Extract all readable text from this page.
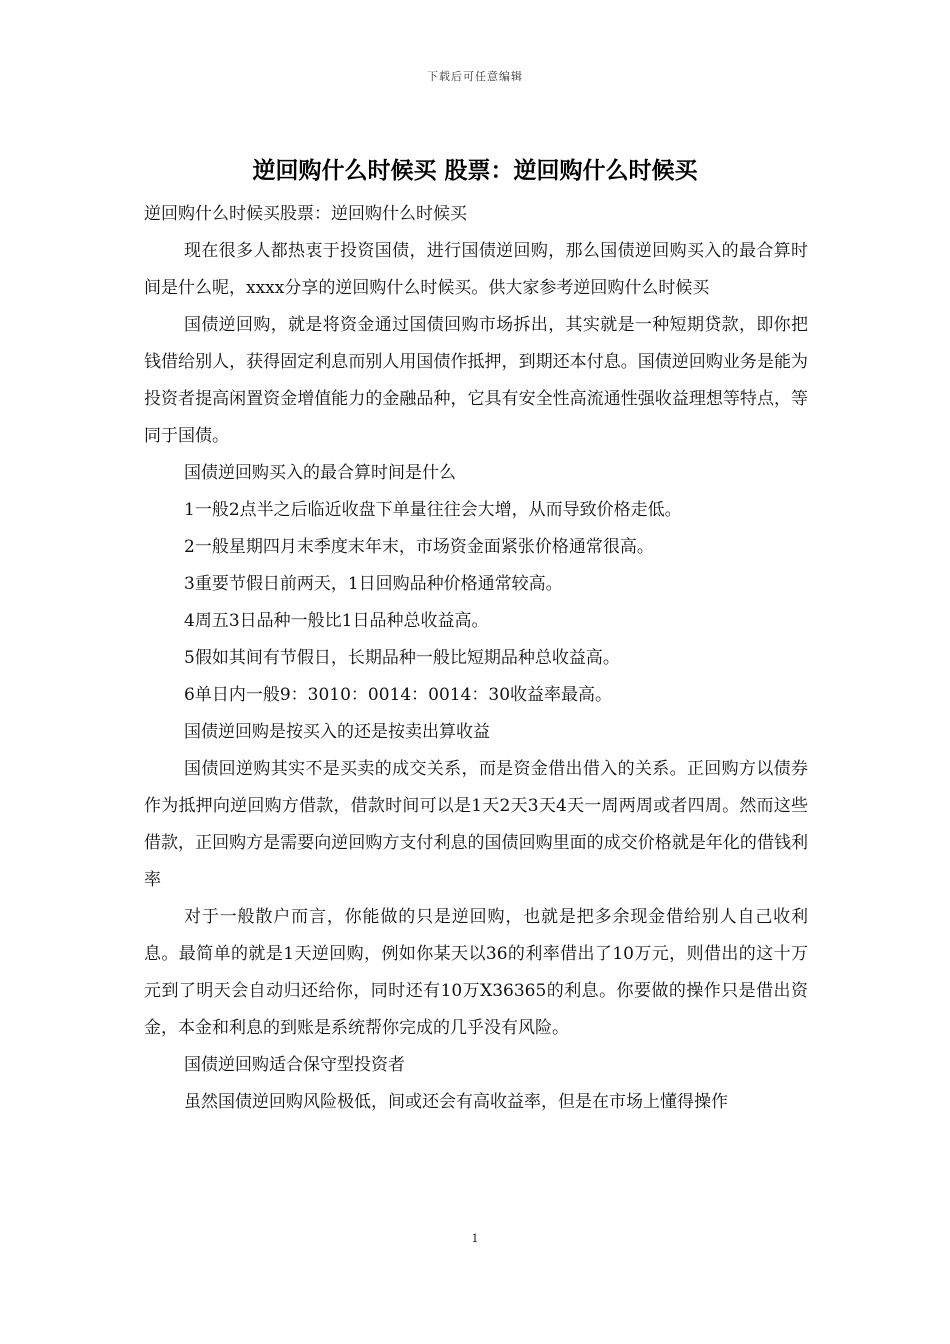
下载后可任意编辑
逆回购什么时候买 股票：逆回购什么时候买

逆回购什么时候买股票：逆回购什么时候买

现在很多人都热衷于投资国债，进行国债逆回购，那么国债逆回购买入的最合算时间是什么呢，xxxx分享的逆回购什么时候买。供大家参考逆回购什么时候买

国债逆回购，就是将资金通过国债回购市场拆出，其实就是一种短期贷款，即你把钱借给别人，获得固定利息而别人用国债作抵押，到期还本付息。国债逆回购业务是能为投资者提高闲置资金增值能力的金融品种，它具有安全性高流通性强收益理想等特点，等同于国债。

国债逆回购买入的最合算时间是什么

1一般2点半之后临近收盘下单量往往会大增，从而导致价格走低。

2一般星期四月末季度末年末，市场资金面紧张价格通常很高。

3重要节假日前两天，1日回购品种价格通常较高。

4周五3日品种一般比1日品种总收益高。

5假如其间有节假日，长期品种一般比短期品种总收益高。

6单日内一般9：3010：0014：0014：30收益率最高。

国债逆回购是按买入的还是按卖出算收益

国债回逆购其实不是买卖的成交关系，而是资金借出借入的关系。正回购方以债券作为抵押向逆回购方借款，借款时间可以是1天2天3天4天一周两周或者四周。然而这些借款，正回购方是需要向逆回购方支付利息的国债回购里面的成交价格就是年化的借钱利率

对于一般散户而言，你能做的只是逆回购，也就是把多余现金借给别人自己收利息。最简单的就是1天逆回购，例如你某天以36的利率借出了10万元，则借出的这十万元到了明天会自动归还给你，同时还有10万X36365的利息。你要做的操作只是借出资金，本金和利息的到账是系统帮你完成的几乎没有风险。

国债逆回购适合保守型投资者

虽然国债逆回购风险极低，间或还会有高收益率，但是在市场上懂得操作

1
